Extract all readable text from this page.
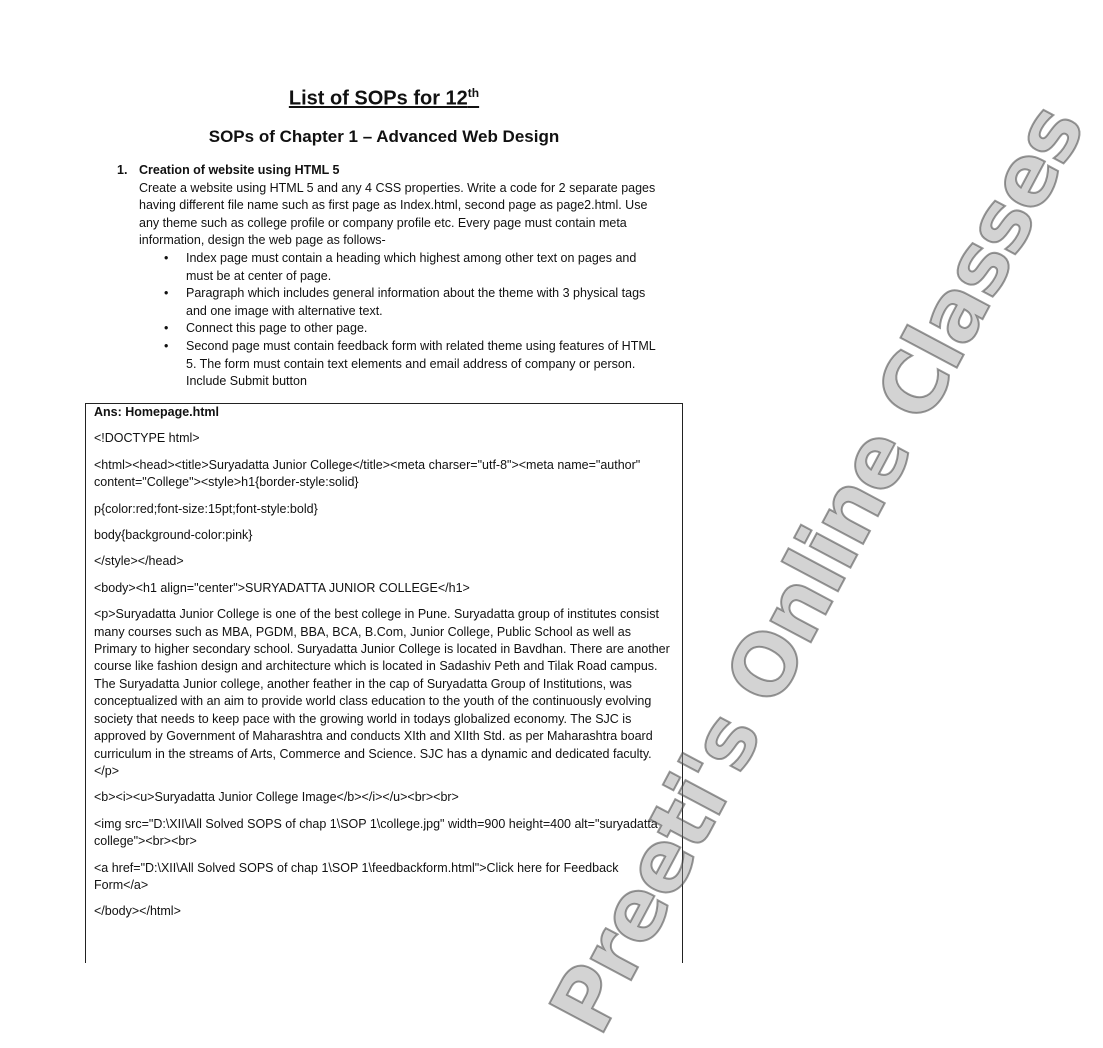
List of SOPs for 12th
SOPs of Chapter 1 – Advanced Web Design
1. Creation of website using HTML 5
Create a website using HTML 5 and any 4 CSS properties. Write a code for 2 separate pages having different file name such as first page as Index.html, second page as page2.html. Use any theme such as college profile or company profile etc. Every page must contain meta information, design the web page as follows-
• Index page must contain a heading which highest among other text on pages and must be at center of page.
• Paragraph which includes general information about the theme with 3 physical tags and one image with alternative text.
• Connect this page to other page.
• Second page must contain feedback form with related theme using features of HTML 5. The form must contain text elements and email address of company or person. Include Submit button

Ans: Homepage.html

<!DOCTYPE html>

<html><head><title>Suryadatta Junior College</title><meta charser="utf-8"><meta name="author" content="College"><style>h1{border-style:solid}

p{color:red;font-size:15pt;font-style:bold}

body{background-color:pink}

</style></head>

<body><h1 align="center">SURYADATTA JUNIOR COLLEGE</h1>

<p>Suryadatta Junior College is one of the best college in Pune. Suryadatta group of institutes consist many courses such as MBA, PGDM, BBA, BCA, B.Com, Junior College, Public School as well as Primary to higher secondary school. Suryadatta Junior College is located in Bavdhan. There are another course like fashion design and architecture which is located in Sadashiv Peth and Tilak Road campus. The Suryadatta Junior college, another feather in the cap of Suryadatta Group of Institutions, was conceptualized with an aim to provide world class education to the youth of the continuously evolving society that needs to keep pace with the growing world in todays globalized economy. The SJC is approved by Government of Maharashtra and conducts XIth and XIIth Std. as per Maharashtra board curriculum in the streams of Arts, Commerce and Science. SJC has a dynamic and dedicated faculty.</p>

<b><i><u>Suryadatta Junior College Image</b></i></u><br><br>

<img src="D:\XII\All Solved SOPS of chap 1\SOP 1\college.jpg" width=900 height=400 alt="suryadatta college"><br><br>

<a href="D:\XII\All Solved SOPS of chap 1\SOP 1\feedbackform.html">Click here for Feedback Form</a>

</body></html>	Preeti's Online Classes
